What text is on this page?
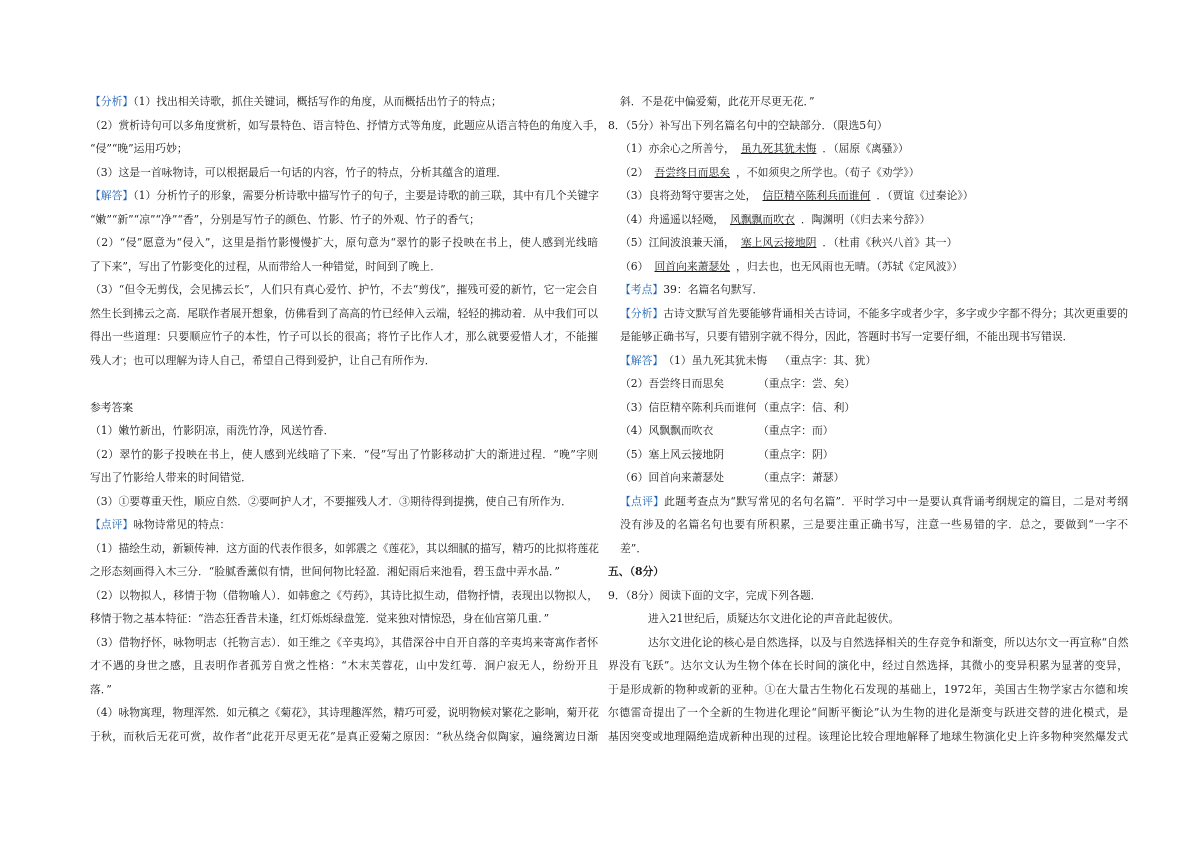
【分析】（1）找出相关诗歌，抓住关键词，概括写作的角度，从而概括出竹子的特点；
（2）赏析诗句可以多角度赏析，如写景特色、语言特色、抒情方式等角度，此题应从语言特色的角度入手，
“侵”“晚”运用巧妙；
（3）这是一首咏物诗，可以根据最后一句话的内容，竹子的特点，分析其蕴含的道理．
【解答】（1）分析竹子的形象，需要分析诗歌中描写竹子的句子，主要是诗歌的前三联，其中有几个关键字
“嫩”“新”“凉”“净”“香”，分别是写竹子的颜色、竹影、竹子的外观、竹子的香气；
（2）“侵”愿意为“侵入”，这里是指竹影慢慢扩大，原句意为“翠竹的影子投映在书上，使人感到光线暗
了下来”，写出了竹影变化的过程，从而带给人一种错觉，时间到了晚上．
（3）“但令无剪伐，会见拂云长”，人们只有真心爱竹、护竹，不去“剪伐”，摧残可爱的新竹，它一定会自
然生长到拂云之高．尾联作者展开想象，仿佛看到了高高的竹已经伸入云端，轻轻的拂动着．从中我们可以
得出一些道理：只要顺应竹子的本性，竹子可以长的很高；将竹子比作人才，那么就要爱惜人才，不能摧
残人才；也可以理解为诗人自己，希望自己得到爱护，让自己有所作为．
参考答案
（1）嫩竹新出，竹影阴凉，雨洗竹净，风送竹香．
（2）翠竹的影子投映在书上，使人感到光线暗了下来．“侵”写出了竹影移动扩大的渐进过程．“晚”字则
写出了竹影给人带来的时间错觉．
（3）①要尊重天性，顺应自然．②要呵护人才，不要摧残人才．③期待得到提携，使自己有所作为．
【点评】咏物诗常见的特点：
（1）描绘生动，新颖传神．这方面的代表作很多，如郭震之《莲花》，其以细腻的描写，精巧的比拟将莲花
之形态刻画得入木三分．“脸腻香薰似有情，世间何物比轻盈．湘妃雨后来池看，碧玉盘中弄水晶．”
（2）以物拟人，移情于物（借物喻人）．如韩愈之《芍药》，其诗比拟生动，借物抒情，表现出以物拟人，
移情于物之基本特征：“浩态狂香昔未逢，红灯烁烁绿盘笼．觉来独对情惊恐，身在仙宫第几重．”
（3）借物抒怀，咏物明志（托物言志）．如王维之《辛夷坞》，其借深谷中自开自落的辛夷坞来寄寓作者怀
才不遇的身世之感，且表明作者孤芳自赏之性格：“木末芙蓉花，山中发红萼．涧户寂无人，纷纷开且
落．”
（4）咏物寓理，物理浑然．如元稹之《菊花》，其诗理趣浑然，精巧可爱，说明物候对繁花之影响，菊开花
于秋，而秋后无花可赏，故作者“此花开尽更无花”是真正爱菊之原因：“秋丛绕舍似陶家，遍绕篱边日渐
斜．不是花中偏爱菊，此花开尽更无花．”
8．（5分）补写出下列名篇名句中的空缺部分．（限选5句）
（1）亦余心之所善兮， 虽九死其犹未悔 ．（屈原《离骚》）
（2） 吾尝终日而思矣 ，不如须臾之所学也。（荀子《劝学》）
（3）良将劲弩守要害之处， 信臣精卒陈利兵而谁何 ．（贾谊《过秦论》）
（4）舟遥遥以轻飏， 风飘飘而吹衣 ．陶渊明（《归去来兮辞》）
（5）江间波浪兼天涌， 塞上风云接地阴 ．（杜甫《秋兴八首》其一）
（6） 回首向来萧瑟处 ，归去也，也无风雨也无晴。（苏轼《定风波》）
【考点】39：名篇名句默写．
【分析】古诗文默写首先要能够背诵相关古诗词，不能多字或者少字，多字或少字都不得分；其次更重要的
是能够正确书写，只要有错别字就不得分，因此，答题时书写一定要仔细，不能出现书写错误．
【解答】（1）虽九死其犹未悔 （重点字：其、犹）
（2）吾尝终日而思矣	（重点字：尝、矣）
（3）信臣精卒陈利兵而谁何 （重点字：信、利）
（4）风飘飘而吹衣	（重点字：而）
（5）塞上风云接地阴	（重点字：阴）
（6）回首向来萧瑟处	（重点字：萧瑟）
【点评】此题考查点为“默写常见的名句名篇”．平时学习中一是要认真背诵考纲规定的篇目，二是对考纲
没有涉及的名篇名句也要有所积累，三是要注重正确书写，注意一些易错的字．总之，要做到“一字不
差”．
五、（8分）
9．（8分）阅读下面的文字，完成下列各题．
进入21世纪后，质疑达尔文进化论的声音此起彼伏。
达尔文进化论的核心是自然选择，以及与自然选择相关的生存竞争和渐变，所以达尔文一再宣称“自然
界没有飞跃”。达尔文认为生物个体在长时间的演化中，经过自然选择，其微小的变异积累为显著的变异，
于是形成新的物种或新的亚种。①在大量古生物化石发现的基础上，1972年，美国古生物学家古尔德和埃
尔德雷奇提出了一个全新的生物进化理论“间断平衡论”认为生物的进化是渐变与跃进交替的进化模式，是
基因突变或地理隔绝造成新种出现的过程。该理论比较合理地解释了地球生物演化史上许多物种突然爆发式
